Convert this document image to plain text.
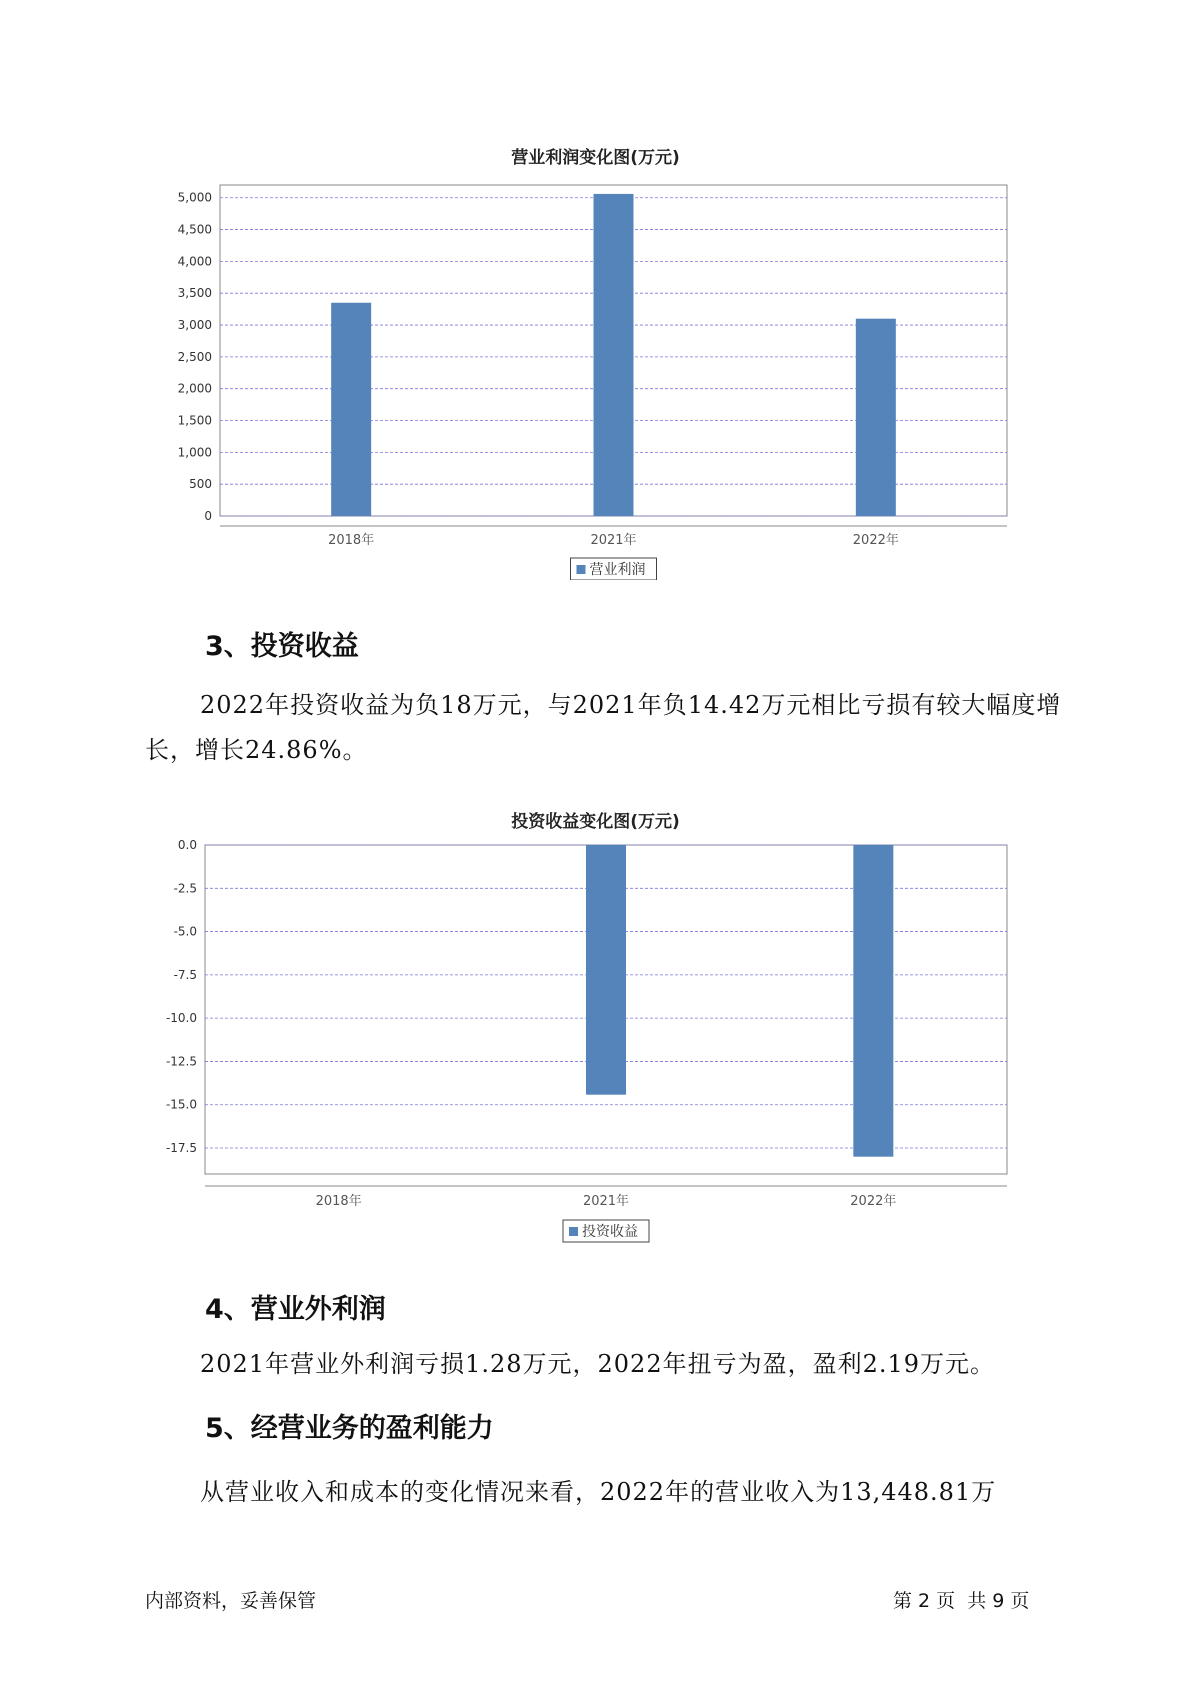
营业利润变化图(万元)
0
500
1,000
1,500
2,000
2,500
3,000
3,500
4,000
4,500
5,000
2018年	2021年	2022年
营业利润
3、投资收益
2022年投资收益为负18万元，与2021年负14.42万元相比亏损有较大幅度增长，增长24.86%。
投资收益变化图(万元)
0.0
-2.5
-5.0
-7.5
-10.0
-12.5
-15.0
-17.5
2018年	2021年	2022年
投资收益
4、营业外利润
2021年营业外利润亏损1.28万元，2022年扭亏为盈，盈利2.19万元。
5、经营业务的盈利能力
从营业收入和成本的变化情况来看，2022年的营业收入为13,448.81万
内部资料，妥善保管	第 2 页  共 9 页
